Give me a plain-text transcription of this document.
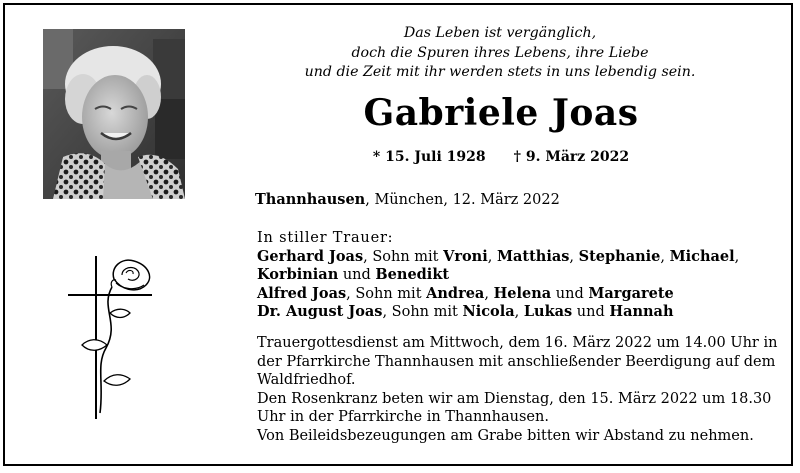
Das Leben ist vergänglich,
doch die Spuren ihres Lebens, ihre Liebe
und die Zeit mit ihr werden stets in uns lebendig sein.
Gabriele Joas
* 15. Juli 1928 † 9. März 2022
Thannhausen, München, 12. März 2022
In stiller Trauer:
Gerhard Joas, Sohn mit Vroni, Matthias, Stephanie, Michael,
Korbinian und Benedikt
Alfred Joas, Sohn mit Andrea, Helena und Margarete
Dr. August Joas, Sohn mit Nicola, Lukas und Hannah
Trauergottesdienst am Mittwoch, dem 16. März 2022 um 14.00 Uhr in
der Pfarrkirche Thannhausen mit anschließender Beerdigung auf dem
Waldfriedhof.
Den Rosenkranz beten wir am Dienstag, den 15. März 2022 um 18.30
Uhr in der Pfarrkirche in Thannhausen.
Von Beileidsbezeugungen am Grabe bitten wir Abstand zu nehmen.
